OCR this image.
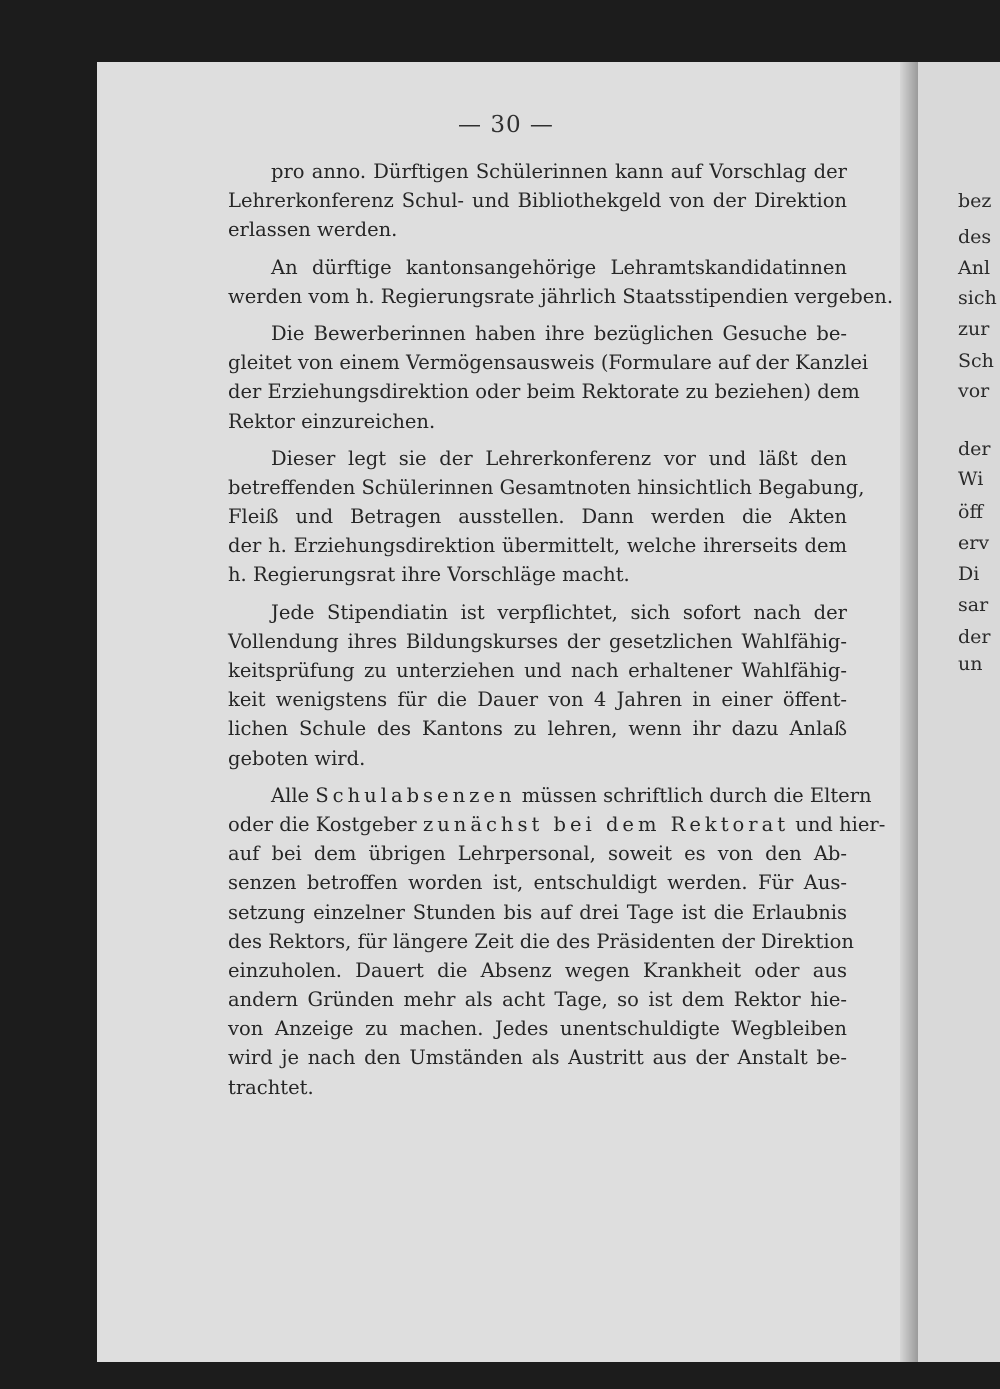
— 30 —
pro anno. Dürftigen Schülerinnen kann auf Vorschlag der
Lehrerkonferenz Schul- und Bibliothekgeld von der Direktion
erlassen werden.
An dürftige kantonsangehörige Lehramtskandidatinnen
werden vom h. Regierungsrate jährlich Staatsstipendien vergeben.
Die Bewerberinnen haben ihre bezüglichen Gesuche be-
gleitet von einem Vermögensausweis (Formulare auf der Kanzlei
der Erziehungsdirektion oder beim Rektorate zu beziehen) dem
Rektor einzureichen.
Dieser legt sie der Lehrerkonferenz vor und läßt den
betreffenden Schülerinnen Gesamtnoten hinsichtlich Begabung,
Fleiß und Betragen ausstellen. Dann werden die Akten
der h. Erziehungsdirektion übermittelt, welche ihrerseits dem
h. Regierungsrat ihre Vorschläge macht.
Jede Stipendiatin ist verpflichtet, sich sofort nach der
Vollendung ihres Bildungskurses der gesetzlichen Wahlfähig-
keitsprüfung zu unterziehen und nach erhaltener Wahlfähig-
keit wenigstens für die Dauer von 4 Jahren in einer öffent-
lichen Schule des Kantons zu lehren, wenn ihr dazu Anlaß
geboten wird.
Alle Schulabsenzen müssen schriftlich durch die Eltern
oder die Kostgeber zunächst bei dem Rektorat und hier-
auf bei dem übrigen Lehrpersonal, soweit es von den Ab-
senzen betroffen worden ist, entschuldigt werden. Für Aus-
setzung einzelner Stunden bis auf drei Tage ist die Erlaubnis
des Rektors, für längere Zeit die des Präsidenten der Direktion
einzuholen. Dauert die Absenz wegen Krankheit oder aus
andern Gründen mehr als acht Tage, so ist dem Rektor hie-
von Anzeige zu machen. Jedes unentschuldigte Wegbleiben
wird je nach den Umständen als Austritt aus der Anstalt be-
trachtet.
bez
des
Anl
sich
zur
Sch
vor
der
Wi
öff
erv
Di
sar
der
un
